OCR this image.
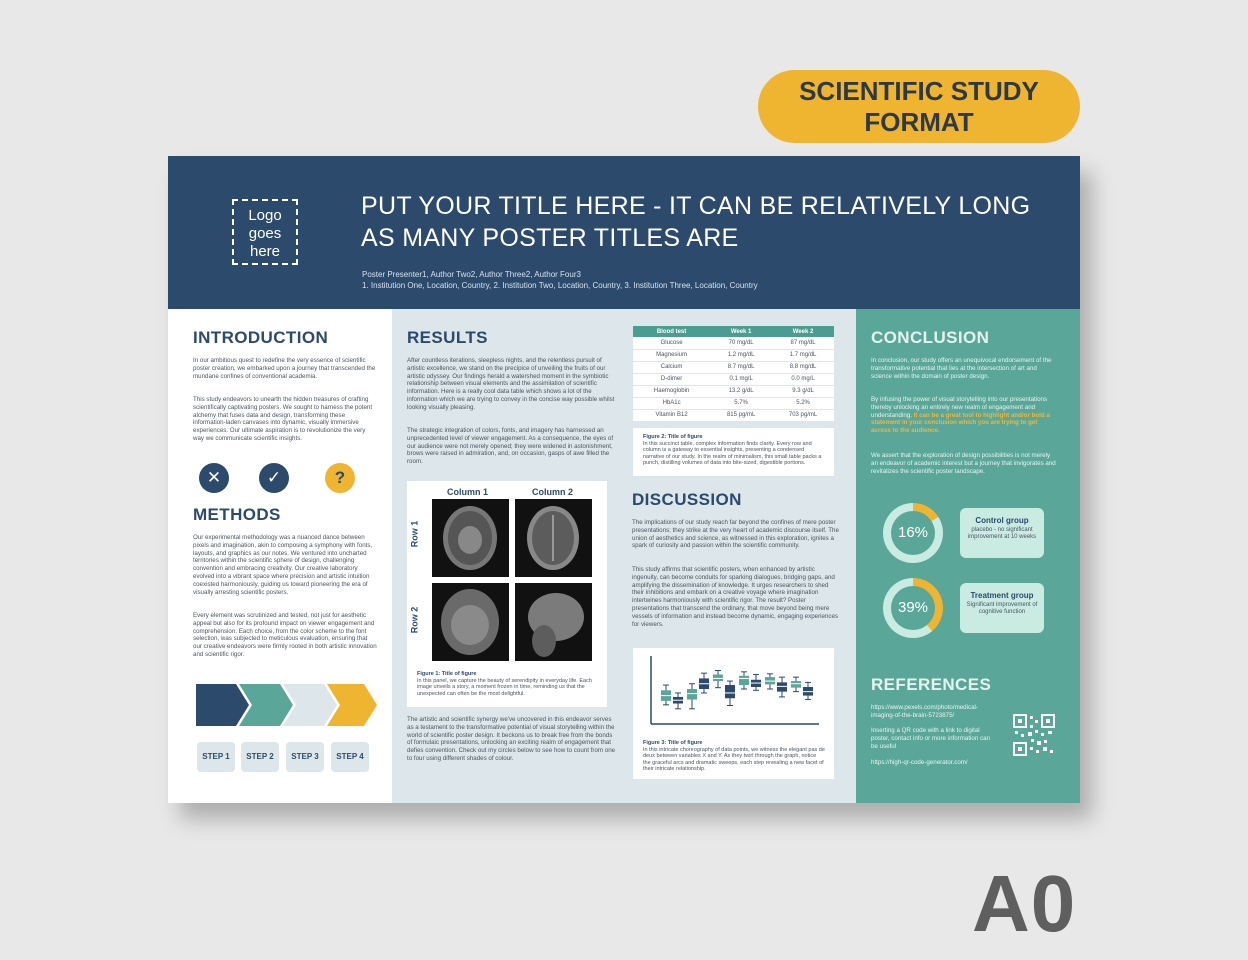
SCIENTIFIC STUDY FORMAT
A0
Logo goes here
PUT YOUR TITLE HERE - IT CAN BE RELATIVELY LONG AS MANY POSTER TITLES ARE
Poster Presenter1, Author Two2, Author Three2, Author Four3
1. Institution One, Location, Country, 2. Institution Two, Location, Country, 3. Institution Three, Location, Country
INTRODUCTION
In our ambitious quest to redefine the very essence of scientific poster creation, we embarked upon a journey that transcended the mundane confines of conventional academia.
This study endeavors to unearth the hidden treasures of crafting scientifically captivating posters. We sought to harness the potent alchemy that fuses data and design, transforming these information-laden canvases into dynamic, visually immersive experiences. Our ultimate aspiration is to revolutionize the very way we communicate scientific insights.
✕	✓	?
METHODS
Our experimental methodology was a nuanced dance between pixels and imagination, akin to composing a symphony with fonts, layouts, and graphics as our notes. We ventured into uncharted territories within the scientific sphere of design, challenging convention and embracing creativity. Our creative laboratory evolved into a vibrant space where precision and artistic intuition coexisted harmoniously, guiding us toward pioneering the era of visually arresting scientific posters.
Every element was scrutinized and tested, not just for aesthetic appeal but also for its profound impact on viewer engagement and comprehension. Each choice, from the color scheme to the font selection, was subjected to meticulous evaluation, ensuring that our creative endeavors were firmly rooted in both artistic innovation and scientific rigor.
STEP 1	STEP 2	STEP 3	STEP 4
RESULTS
After countless iterations, sleepless nights, and the relentless pursuit of artistic excellence, we stand on the precipice of unveiling the fruits of our artistic odyssey. Our findings herald a watershed moment in the symbiotic relationship between visual elements and the assimilation of scientific information. Here is a really cool data table which shows a lot of the information which we are trying to convey in the concise way possible whilst looking visually pleasing.
The strategic integration of colors, fonts, and imagery has harnessed an unprecedented level of viewer engagement. As a consequence, the eyes of our audience were not merely opened; they were widened in astonishment, brows were raised in admiration, and, on occasion, gasps of awe filled the room.
Column 1	Column 2
Row 1
Row 2
Figure 1: Title of figure
In this panel, we capture the beauty of serendipity in everyday life. Each image unveils a story, a moment frozen in time, reminding us that the unexpected can often be the most delightful.
The artistic and scientific synergy we've uncovered in this endeavor serves as a testament to the transformative potential of visual storytelling within the world of scientific poster design. It beckons us to break free from the bonds of formulaic presentations, unlocking an exciting realm of engagement that defies convention. Check out my circles below to see how to count from one to four using different shades of colour.
Blood test	Week 1	Week 2
Glucose	70 mg/dL	87 mg/dL
Magnesium	1.2 mg/dL	1.7 mg/dL
Calcium	8.7 mg/dL	8.8 mg/dL
D-dimer	0.1 mg/L	0.0 mg/L
Haemoglobin	13.2 g/dL	9.3 g/dL
HbA1c	5.7%	5.2%
Vitamin B12	815 pg/mL	703 pg/mL
Figure 2: Title of figure
In this succinct table, complex information finds clarity. Every row and column is a gateway to essential insights, presenting a condensed narrative of our study. In the realm of minimalism, this small table packs a punch, distilling volumes of data into bite-sized, digestible portions.
DISCUSSION
The implications of our study reach far beyond the confines of mere poster presentations; they strike at the very heart of academic discourse itself. The union of aesthetics and science, as witnessed in this exploration, ignites a spark of curiosity and passion within the scientific community.
This study affirms that scientific posters, when enhanced by artistic ingenuity, can become conduits for sparking dialogues, bridging gaps, and amplifying the dissemination of knowledge. It urges researchers to shed their inhibitions and embark on a creative voyage where imagination intertwines harmoniously with scientific rigor. The result? Poster presentations that transcend the ordinary, that move beyond being mere vessels of information and instead become dynamic, engaging experiences for viewers.
Figure 3: Title of figure
In this intricate choreography of data points, we witness the elegant pas de deux between variables X and Y. As they twirl through the graph, notice the graceful arcs and dramatic sweeps, each step revealing a new facet of their intricate relationship.
CONCLUSION
In conclusion, our study offers an unequivocal endorsement of the transformative potential that lies at the intersection of art and science within the domain of poster design.
By infusing the power of visual storytelling into our presentations thereby unlocking an entirely new realm of engagement and understanding. It can be a great tool to highlight and/or bold a statement in your conclusion which you are trying to get across to the audience.
We assert that the exploration of design possibilities is not merely an endeavor of academic interest but a journey that invigorates and revitalizes the scientific poster landscape.
16%
Control group
placebo - no significant improvement at 10 weeks
39%
Treatment group
Significant improvement of cognitive function
REFERENCES
https://www.pexels.com/photo/medical-imaging-of-the-brain-5723875/
Inserting a QR code with a link to digital poster, contact info or more information can be useful
https://high-qr-code-generator.com/
